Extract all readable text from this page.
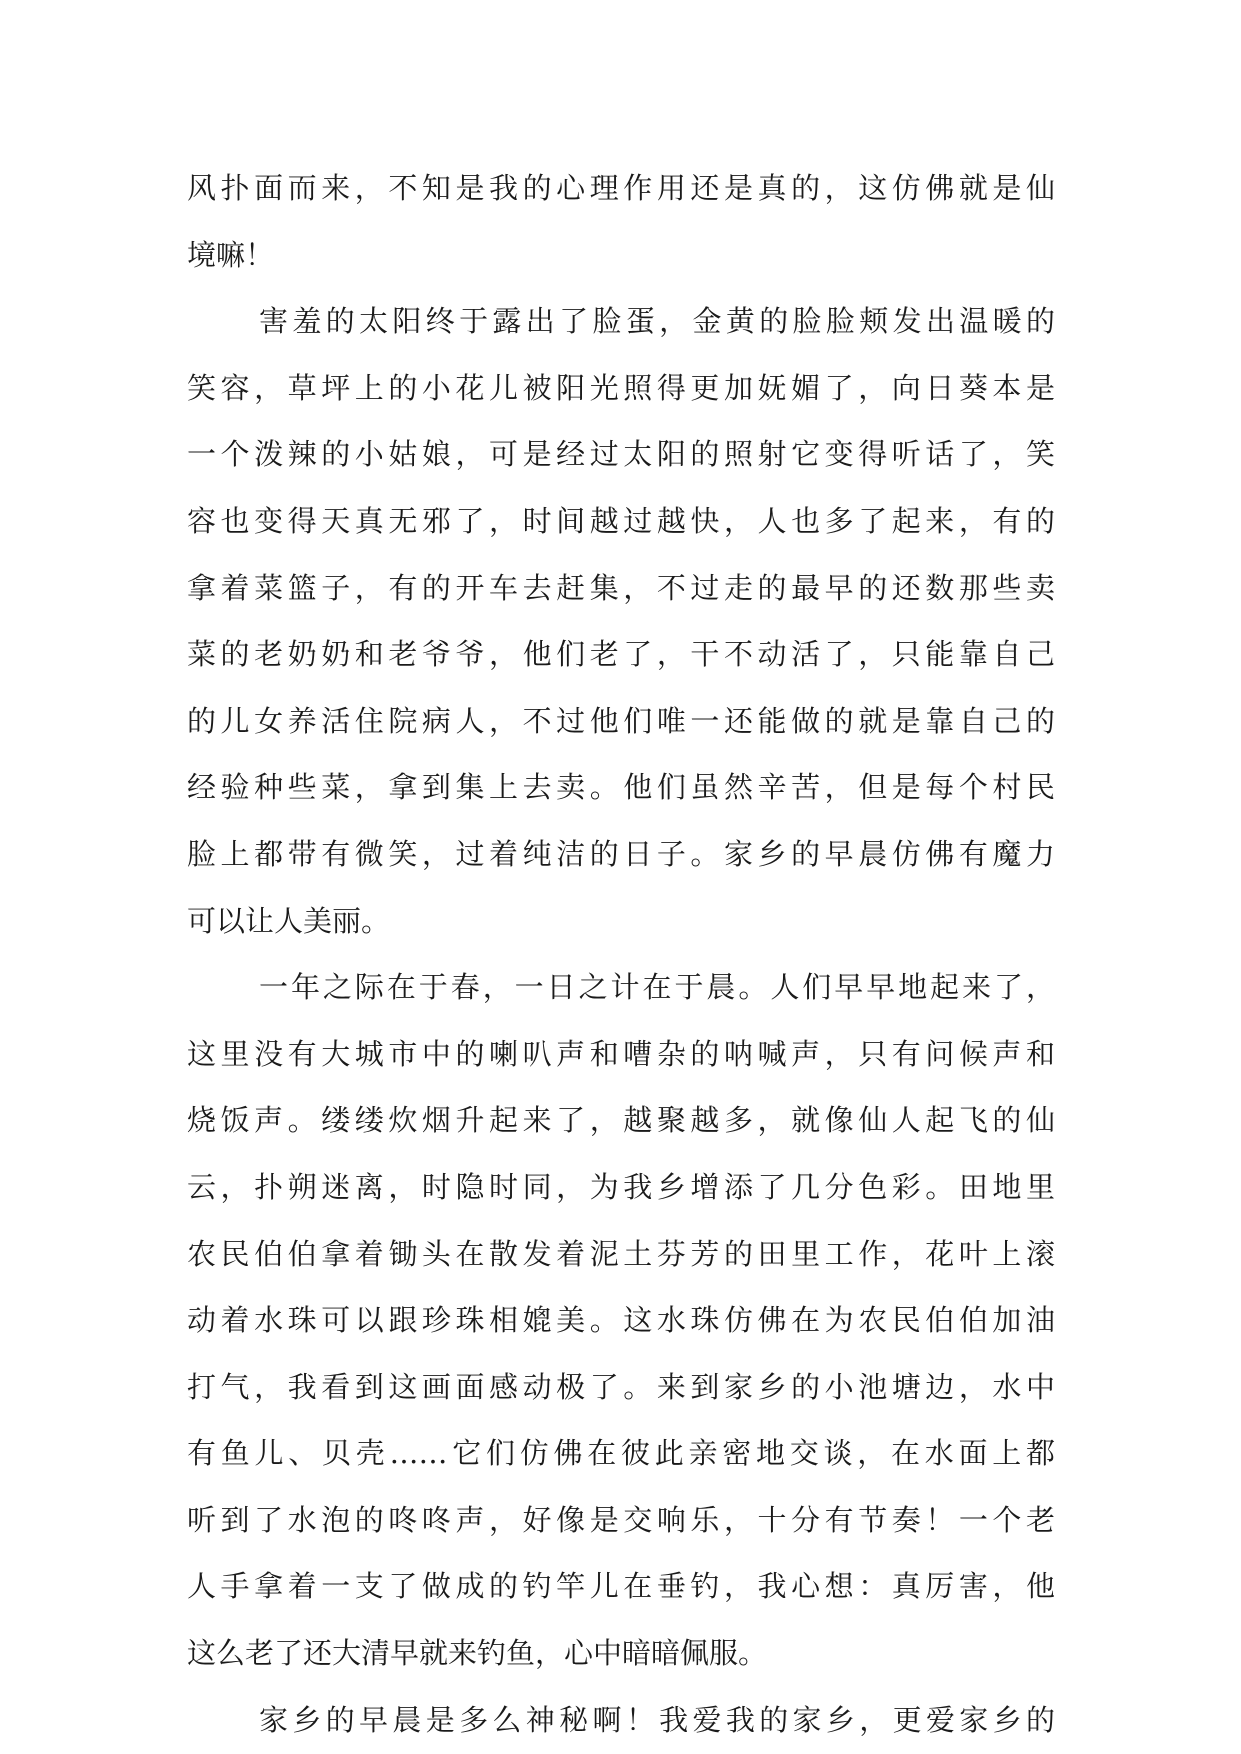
风扑面而来，不知是我的心理作用还是真的，这仿佛就是仙
境嘛！
害羞的太阳终于露出了脸蛋，金黄的脸脸颊发出温暖的
笑容，草坪上的小花儿被阳光照得更加妩媚了，向日葵本是
一个泼辣的小姑娘，可是经过太阳的照射它变得听话了，笑
容也变得天真无邪了，时间越过越快，人也多了起来，有的
拿着菜篮子，有的开车去赶集，不过走的最早的还数那些卖
菜的老奶奶和老爷爷，他们老了，干不动活了，只能靠自己
的儿女养活住院病人，不过他们唯一还能做的就是靠自己的
经验种些菜，拿到集上去卖。他们虽然辛苦，但是每个村民
脸上都带有微笑，过着纯洁的日子。家乡的早晨仿佛有魔力
可以让人美丽。
一年之际在于春，一日之计在于晨。人们早早地起来了，
这里没有大城市中的喇叭声和嘈杂的呐喊声，只有问候声和
烧饭声。缕缕炊烟升起来了，越聚越多，就像仙人起飞的仙
云，扑朔迷离，时隐时同，为我乡增添了几分色彩。田地里
农民伯伯拿着锄头在散发着泥土芬芳的田里工作，花叶上滚
动着水珠可以跟珍珠相媲美。这水珠仿佛在为农民伯伯加油
打气，我看到这画面感动极了。来到家乡的小池塘边，水中
有鱼儿、贝壳……它们仿佛在彼此亲密地交谈，在水面上都
听到了水泡的咚咚声，好像是交响乐，十分有节奏！一个老
人手拿着一支了做成的钓竿儿在垂钓，我心想：真厉害，他
这么老了还大清早就来钓鱼，心中暗暗佩服。
家乡的早晨是多么神秘啊！我爱我的家乡，更爱家乡的
